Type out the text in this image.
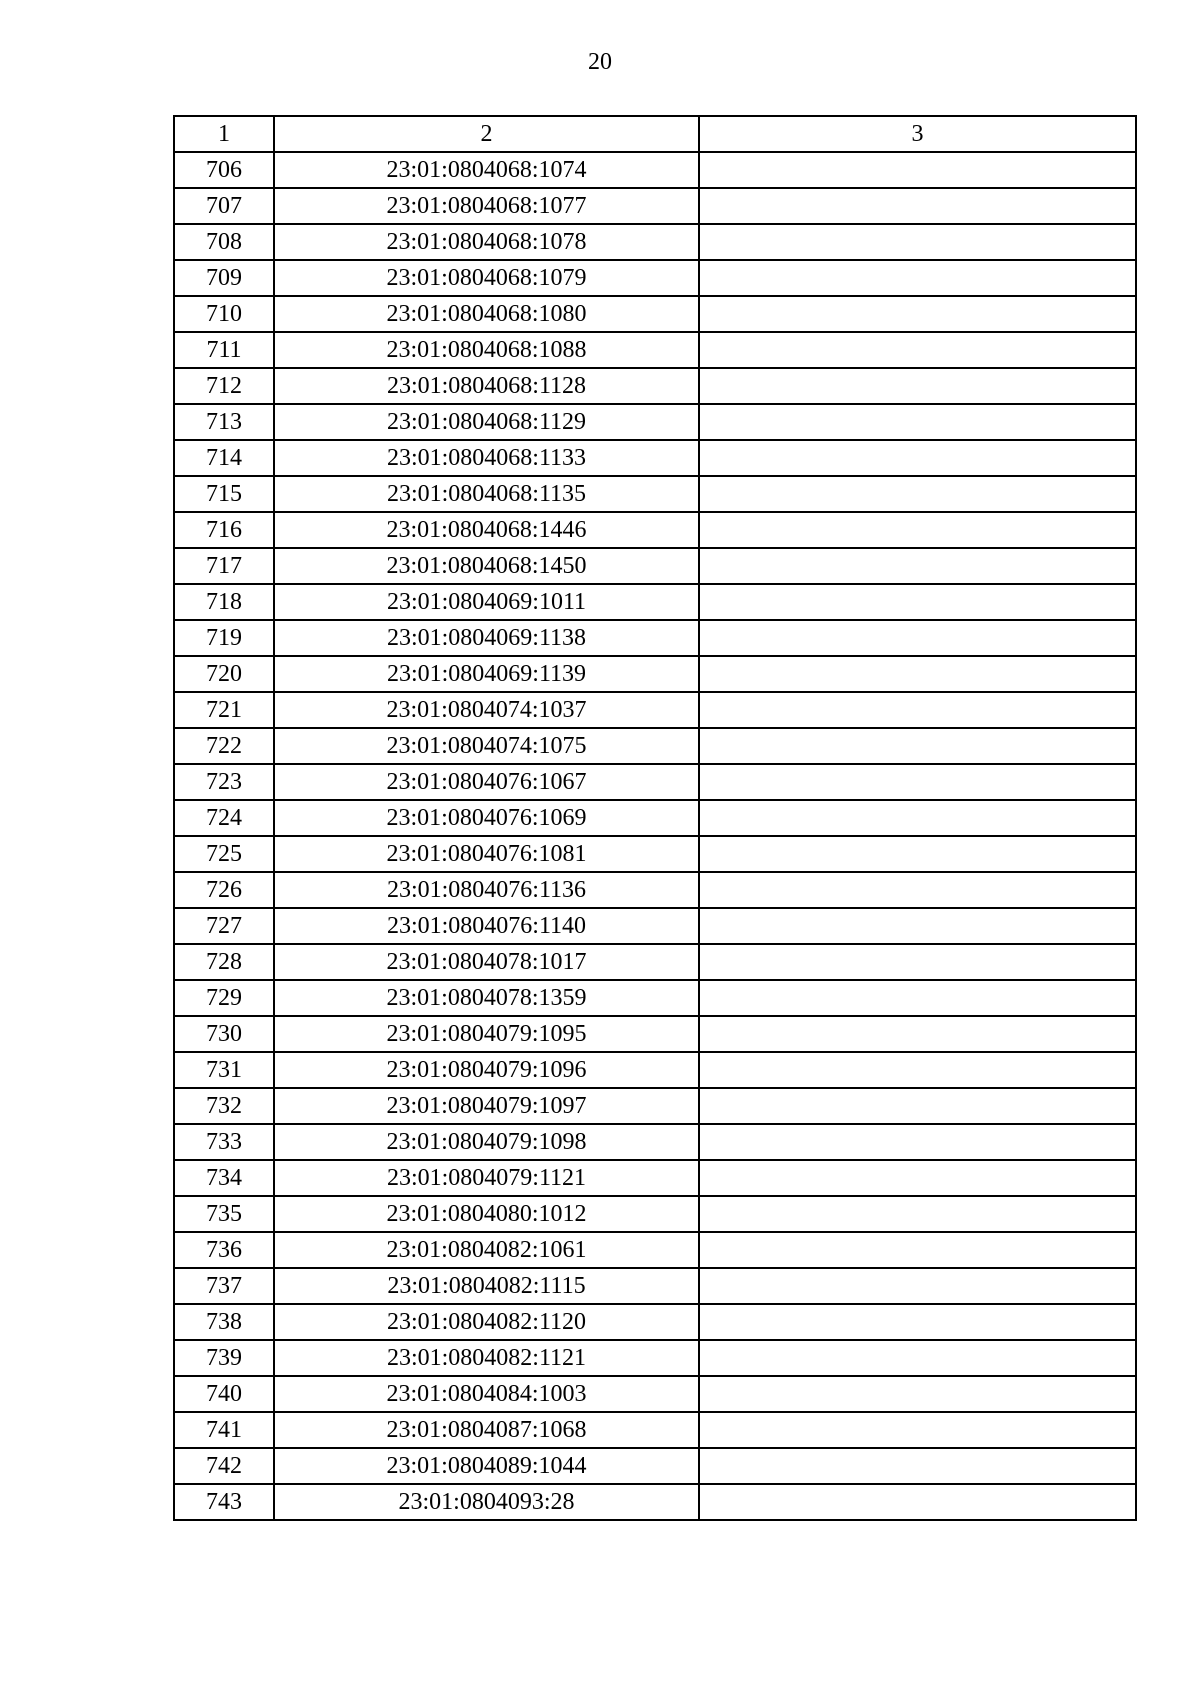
20
1	2	3
706	23:01:0804068:1074	
707	23:01:0804068:1077	
708	23:01:0804068:1078	
709	23:01:0804068:1079	
710	23:01:0804068:1080	
711	23:01:0804068:1088	
712	23:01:0804068:1128	
713	23:01:0804068:1129	
714	23:01:0804068:1133	
715	23:01:0804068:1135	
716	23:01:0804068:1446	
717	23:01:0804068:1450	
718	23:01:0804069:1011	
719	23:01:0804069:1138	
720	23:01:0804069:1139	
721	23:01:0804074:1037	
722	23:01:0804074:1075	
723	23:01:0804076:1067	
724	23:01:0804076:1069	
725	23:01:0804076:1081	
726	23:01:0804076:1136	
727	23:01:0804076:1140	
728	23:01:0804078:1017	
729	23:01:0804078:1359	
730	23:01:0804079:1095	
731	23:01:0804079:1096	
732	23:01:0804079:1097	
733	23:01:0804079:1098	
734	23:01:0804079:1121	
735	23:01:0804080:1012	
736	23:01:0804082:1061	
737	23:01:0804082:1115	
738	23:01:0804082:1120	
739	23:01:0804082:1121	
740	23:01:0804084:1003	
741	23:01:0804087:1068	
742	23:01:0804089:1044	
743	23:01:0804093:28	
